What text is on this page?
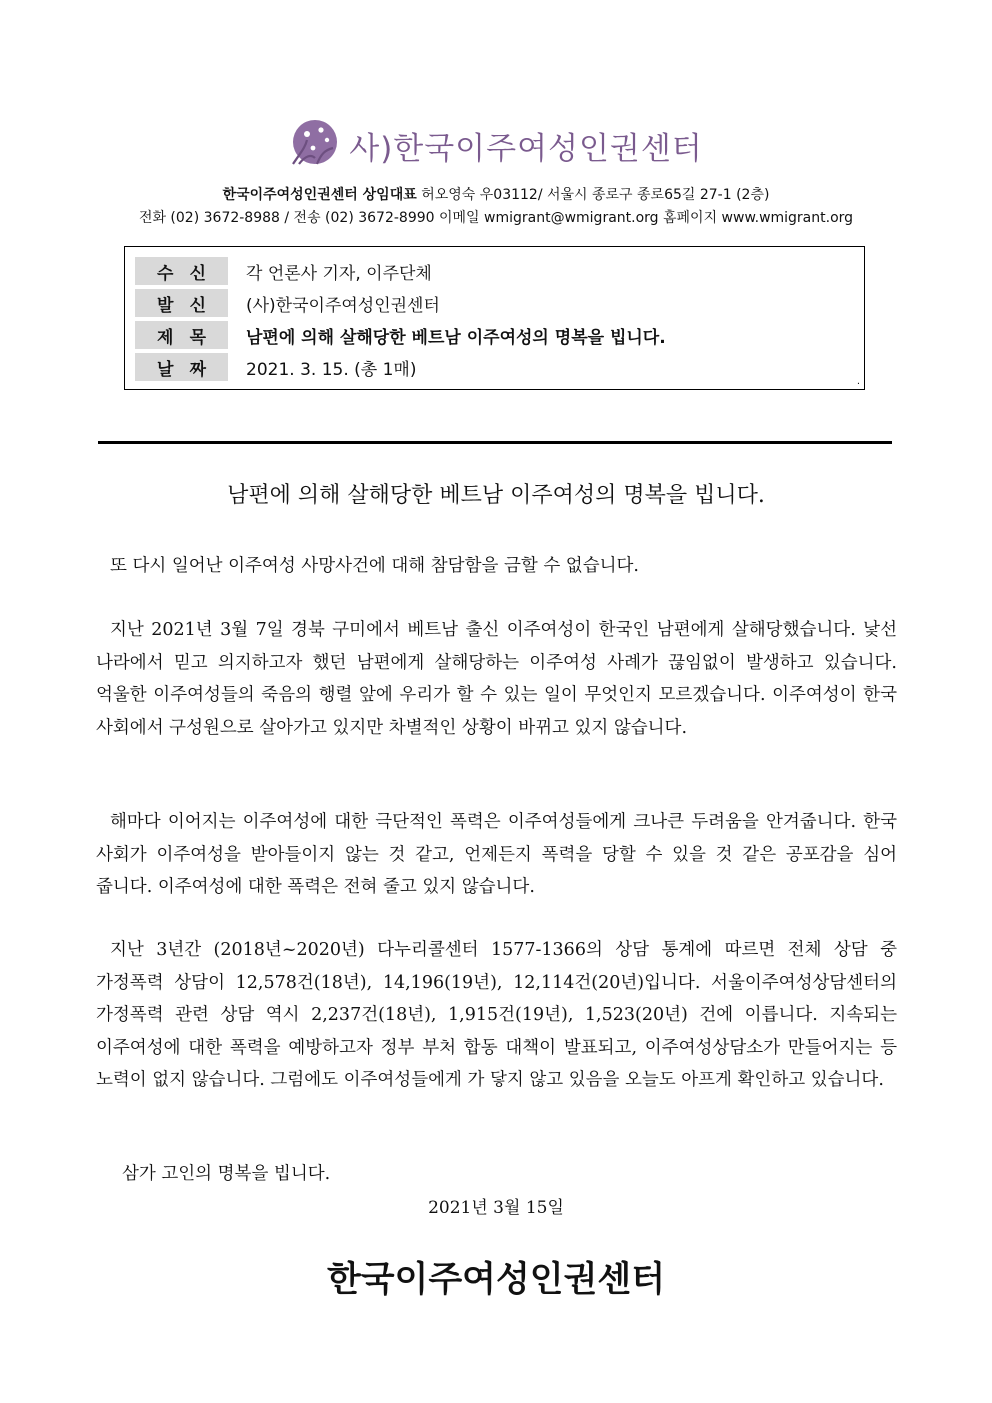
사)한국이주여성인권센터
한국이주여성인권센터 상임대표 허오영숙 우03112/ 서울시 종로구 종로65길 27-1 (2층)
전화 (02) 3672-8988 / 전송 (02) 3672-8990 이메일 wmigrant@wmigrant.org 홈페이지 www.wmigrant.org
수 신	각 언론사 기자, 이주단체
발 신	(사)한국이주여성인권센터
제 목	남편에 의해 살해당한 베트남 이주여성의 명복을 빕니다.
날 짜	2021. 3. 15. (총 1매)
.
남편에 의해 살해당한 베트남 이주여성의 명복을 빕니다.

또 다시 일어난 이주여성 사망사건에 대해 참담함을 금할 수 없습니다.

지난 2021년 3월 7일 경북 구미에서 베트남 출신 이주여성이 한국인 남편에게 살해당했습니다. 낯선 나라에서 믿고 의지하고자 했던 남편에게 살해당하는 이주여성 사례가 끊임없이 발생하고 있습니다. 억울한 이주여성들의 죽음의 행렬 앞에 우리가 할 수 있는 일이 무엇인지 모르겠습니다. 이주여성이 한국 사회에서 구성원으로 살아가고 있지만 차별적인 상황이 바뀌고 있지 않습니다.

해마다 이어지는 이주여성에 대한 극단적인 폭력은 이주여성들에게 크나큰 두려움을 안겨줍니다. 한국 사회가 이주여성을 받아들이지 않는 것 같고, 언제든지 폭력을 당할 수 있을 것 같은 공포감을 심어 줍니다. 이주여성에 대한 폭력은 전혀 줄고 있지 않습니다.

지난 3년간 (2018년~2020년) 다누리콜센터 1577-1366의 상담 통계에 따르면 전체 상담 중 가정폭력 상담이 12,578건(18년), 14,196(19년), 12,114건(20년)입니다. 서울이주여성상담센터의 가정폭력 관련 상담 역시 2,237건(18년), 1,915건(19년), 1,523(20년) 건에 이릅니다. 지속되는 이주여성에 대한 폭력을 예방하고자 정부 부처 합동 대책이 발표되고, 이주여성상담소가 만들어지는 등 노력이 없지 않습니다. 그럼에도 이주여성들에게 가 닿지 않고 있음을 오늘도 아프게 확인하고 있습니다.

삼가 고인의 명복을 빕니다.
2021년 3월 15일
한국이주여성인권센터
